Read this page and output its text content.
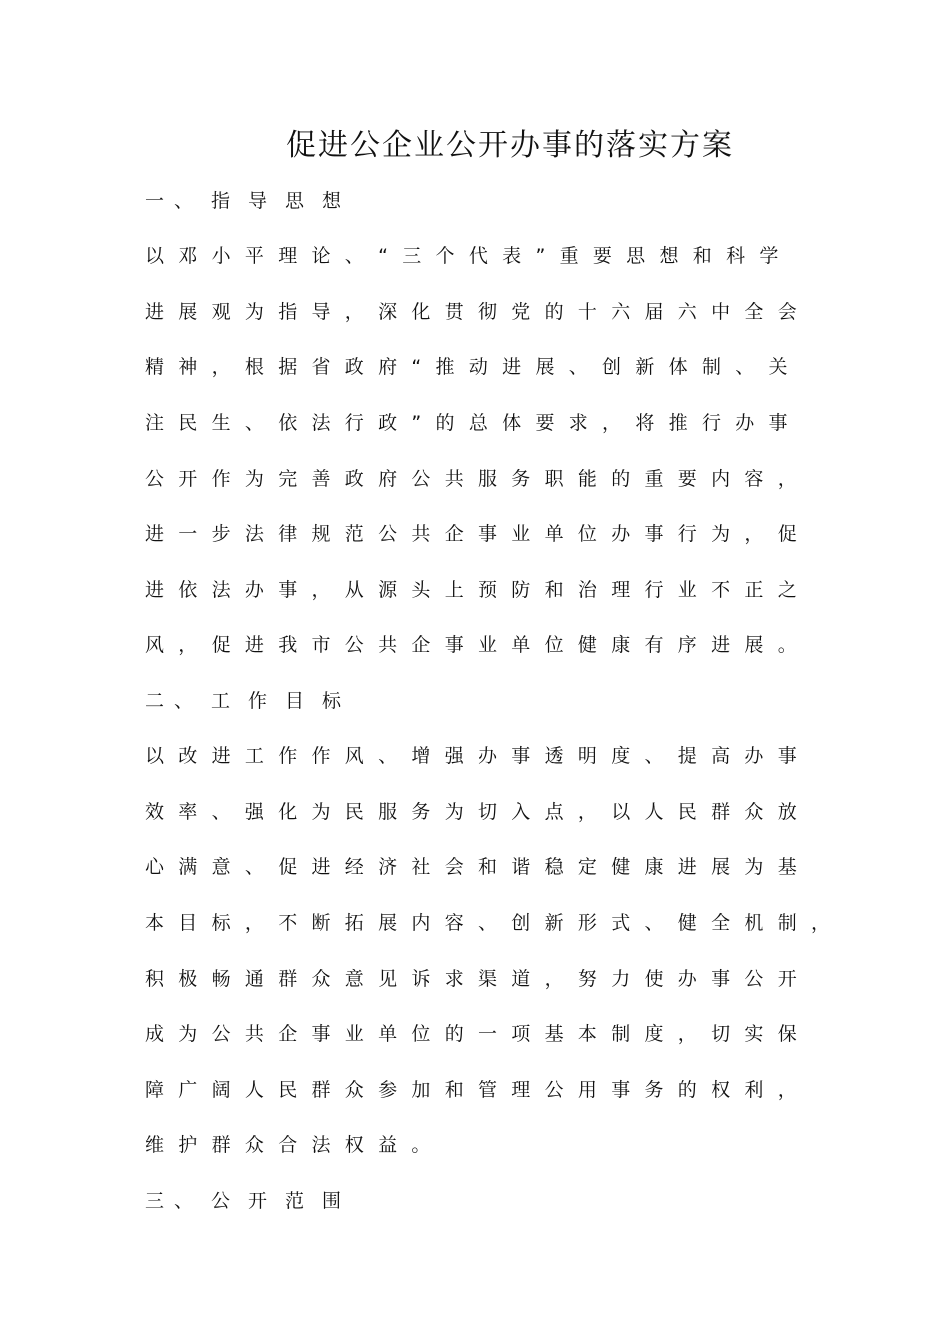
促进公企业公开办事的落实方案
一、 指导思想
以邓小平理论、“三个代表”重要思想和科学
进展观为指导，深化贯彻党的十六届六中全会
精神，根据省政府“推动进展、创新体制、关
注民生、依法行政”的总体要求，将推行办事
公开作为完善政府公共服务职能的重要内容，
进一步法律规范公共企事业单位办事行为，促
进依法办事，从源头上预防和治理行业不正之
风，促进我市公共企事业单位健康有序进展。
二、 工作目标
以改进工作作风、增强办事透明度、提高办事
效率、强化为民服务为切入点，以人民群众放
心满意、促进经济社会和谐稳定健康进展为基
本目标，不断拓展内容、创新形式、健全机制，
积极畅通群众意见诉求渠道，努力使办事公开
成为公共企事业单位的一项基本制度，切实保
障广阔人民群众参加和管理公用事务的权利，
维护群众合法权益。
三、 公开范围
